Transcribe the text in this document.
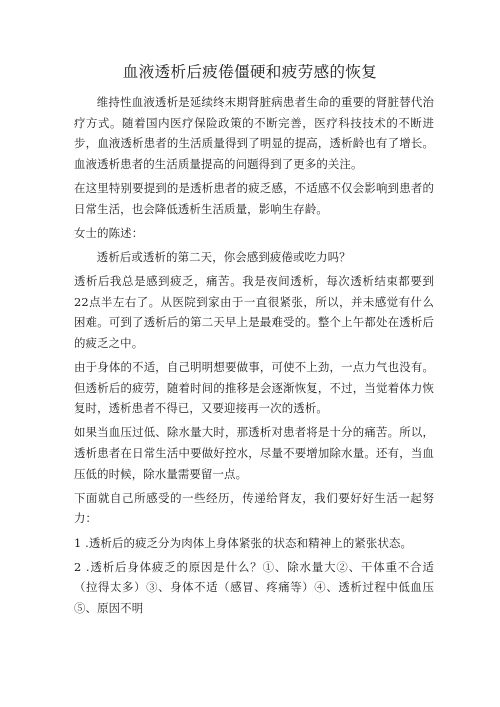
血液透析后疲倦僵硬和疲劳感的恢复

维持性血液透析是延续终末期肾脏病患者生命的重要的肾脏替代治疗方式。随着国内医疗保险政策的不断完善，医疗科技技术的不断进步，血液透析患者的生活质量得到了明显的提高，透析龄也有了增长。血液透析患者的生活质量提高的问题得到了更多的关注。

在这里特别要提到的是透析患者的疲乏感，不适感不仅会影响到患者的日常生活，也会降低透析生活质量，影响生存龄。

女士的陈述：

透析后或透析的第二天，你会感到疲倦或吃力吗？

透析后我总是感到疲乏，痛苦。我是夜间透析，每次透析结束都要到22点半左右了。从医院到家由于一直很紧张，所以，并未感觉有什么困难。可到了透析后的第二天早上是最难受的。整个上午都处在透析后的疲乏之中。

由于身体的不适，自己明明想要做事，可使不上劲，一点力气也没有。但透析后的疲劳，随着时间的推移是会逐渐恢复，不过，当觉着体力恢复时，透析患者不得已，又要迎接再一次的透析。

如果当血压过低、除水量大时，那透析对患者将是十分的痛苦。所以，透析患者在日常生活中要做好控水，尽量不要增加除水量。还有，当血压低的时候，除水量需要留一点。

下面就自己所感受的一些经历，传递给肾友，我们要好好生活一起努力：

1 .透析后的疲乏分为肉体上身体紧张的状态和精神上的紧张状态。

2 .透析后身体疲乏的原因是什么？①、除水量大②、干体重不合适（拉得太多）③、身体不适（感冒、疼痛等）④、透析过程中低血压⑤、原因不明
